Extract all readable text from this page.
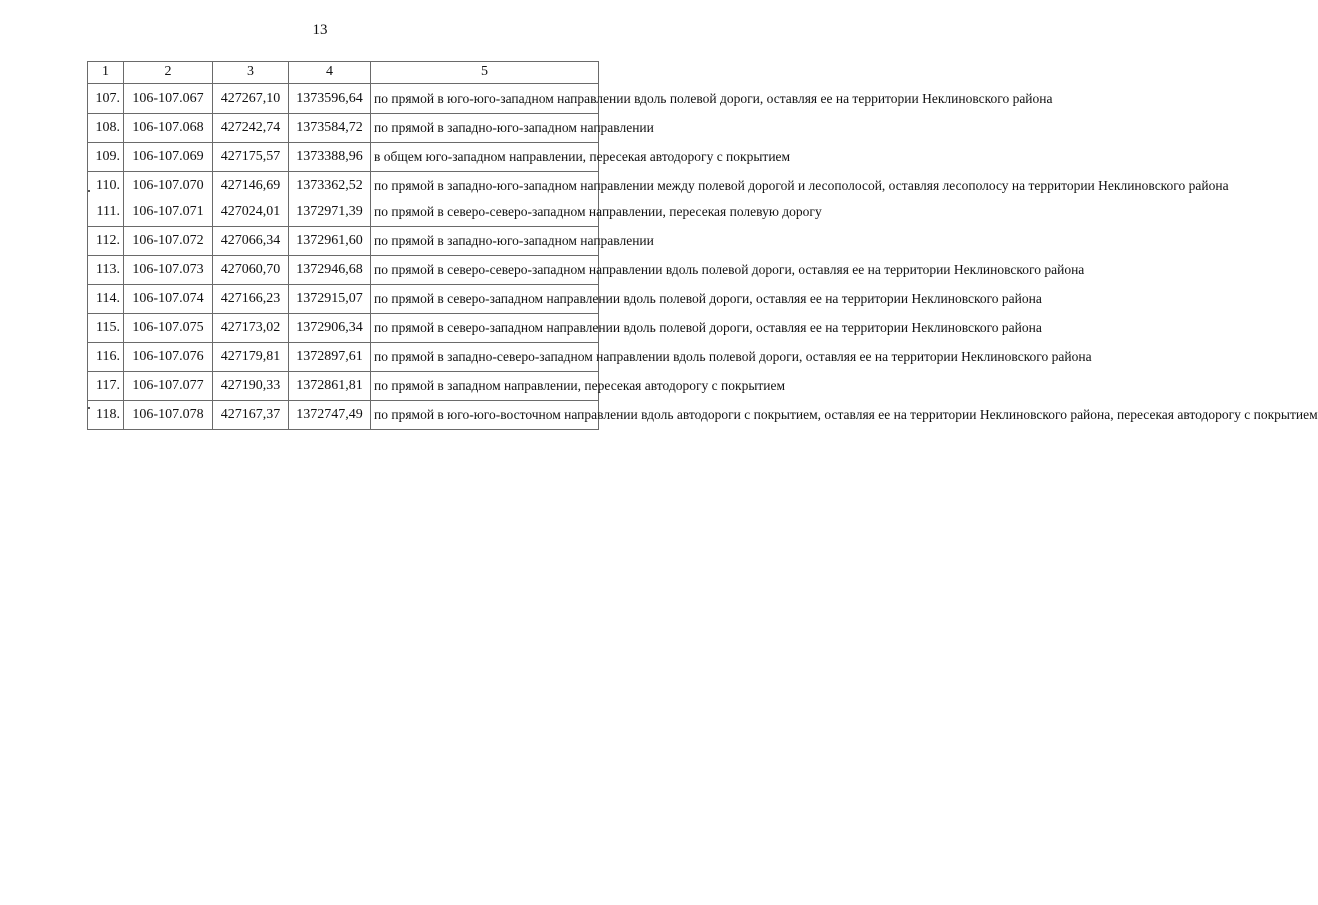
13
1	2	3	4	5
107.	106-107.067	427267,10	1373596,64	по прямой в юго-юго-западном направлении вдоль полевой дороги, оставляя ее на территории Неклиновского района
108.	106-107.068	427242,74	1373584,72	по прямой в западно-юго-западном направлении
109.	106-107.069	427175,57	1373388,96	в общем юго-западном направлении, пересекая автодорогу с покрытием
110.	106-107.070	427146,69	1373362,52	по прямой в западно-юго-западном направлении между полевой дорогой и лесополосой, оставляя лесополосу на территории Неклиновского района
111.	106-107.071	427024,01	1372971,39	по прямой в северо-северо-западном направлении, пересекая полевую дорогу
112.	106-107.072	427066,34	1372961,60	по прямой в западно-юго-западном направлении
113.	106-107.073	427060,70	1372946,68	по прямой в северо-северо-западном направлении вдоль полевой дороги, оставляя ее на территории Неклиновского района
114.	106-107.074	427166,23	1372915,07	по прямой в северо-западном направлении вдоль полевой дороги, оставляя ее на территории Неклиновского района
115.	106-107.075	427173,02	1372906,34	по прямой в северо-западном направлении вдоль полевой дороги, оставляя ее на территории Неклиновского района
116.	106-107.076	427179,81	1372897,61	по прямой в западно-северо-западном направлении вдоль полевой дороги, оставляя ее на территории Неклиновского района
117.	106-107.077	427190,33	1372861,81	по прямой в западном направлении, пересекая автодорогу с покрытием
118.	106-107.078	427167,37	1372747,49	по прямой в юго-юго-восточном направлении вдоль автодороги с покрытием, оставляя ее на территории Неклиновского района, пересекая автодорогу с покрытием
